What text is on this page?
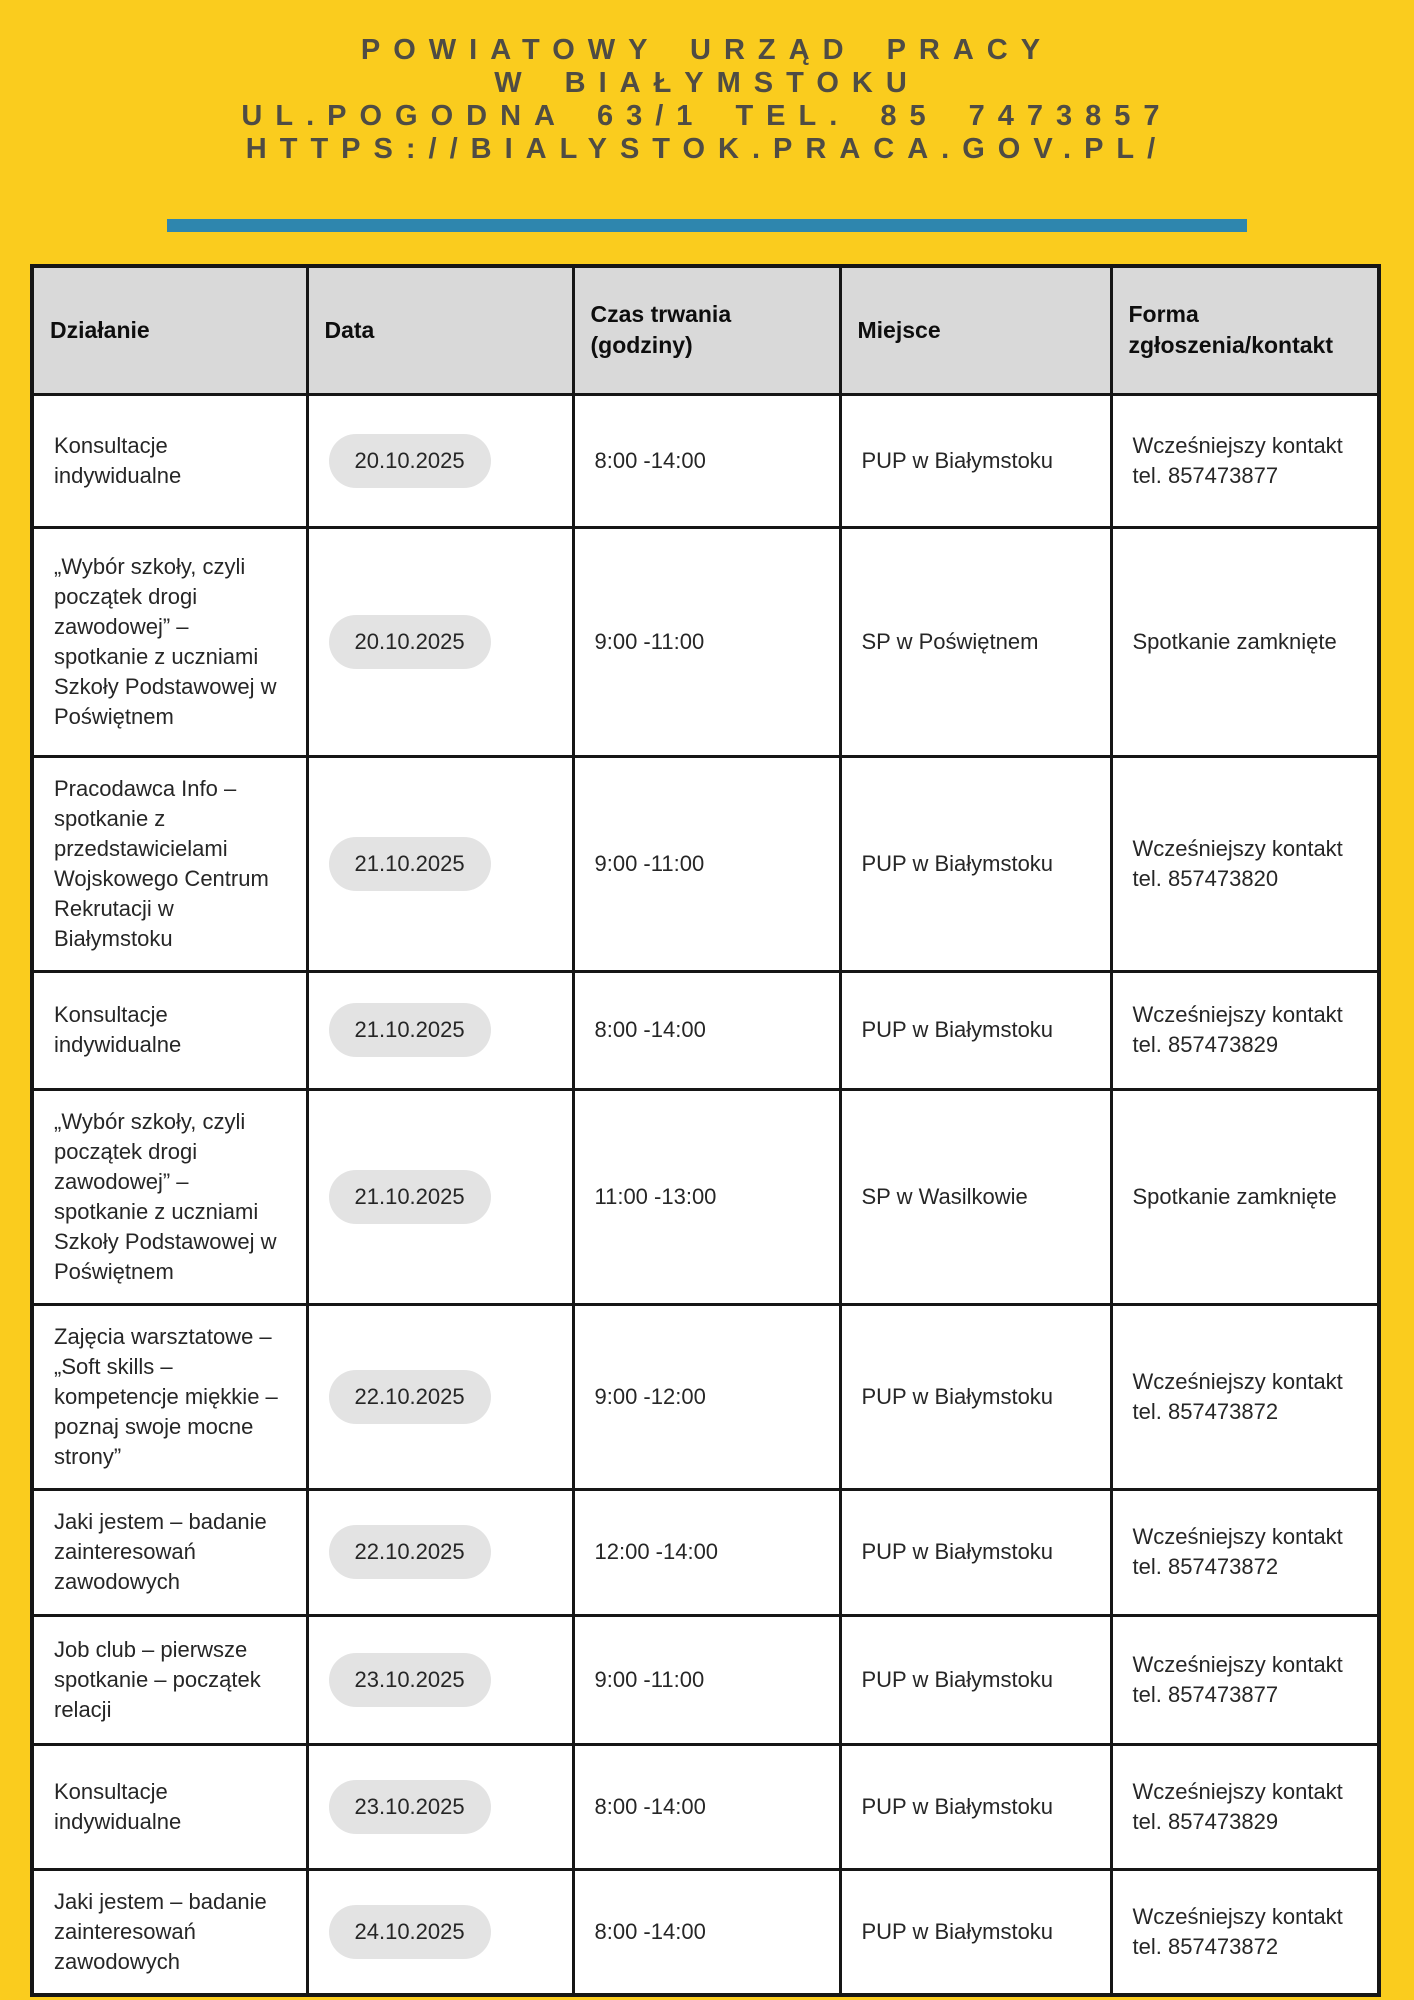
POWIATOWY URZĄD PRACY
W BIAŁYMSTOKU
UL.POGODNA 63/1 TEL. 85 7473857
HTTPS://BIALYSTOK.PRACA.GOV.PL/
Działanie	Data	Czas trwania (godziny)	Miejsce	Forma zgłoszenia/kontakt
Konsultacje indywidualne	20.10.2025	8:00 -14:00	PUP w Białymstoku	Wcześniejszy kontakt tel. 857473877
„Wybór szkoły, czyli początek drogi zawodowej” – spotkanie z uczniami Szkoły Podstawowej w Poświętnem	20.10.2025	9:00 -11:00	SP w Poświętnem	Spotkanie zamknięte
Pracodawca Info – spotkanie z przedstawicielami Wojskowego Centrum Rekrutacji w Białymstoku	21.10.2025	9:00 -11:00	PUP w Białymstoku	Wcześniejszy kontakt tel. 857473820
Konsultacje indywidualne	21.10.2025	8:00 -14:00	PUP w Białymstoku	Wcześniejszy kontakt tel. 857473829
„Wybór szkoły, czyli początek drogi zawodowej” – spotkanie z uczniami Szkoły Podstawowej w Poświętnem	21.10.2025	11:00 -13:00	SP w Wasilkowie	Spotkanie zamknięte
Zajęcia warsztatowe – „Soft skills – kompetencje miękkie – poznaj swoje mocne strony”	22.10.2025	9:00 -12:00	PUP w Białymstoku	Wcześniejszy kontakt tel. 857473872
Jaki jestem – badanie zainteresowań zawodowych	22.10.2025	12:00 -14:00	PUP w Białymstoku	Wcześniejszy kontakt tel. 857473872
Job club – pierwsze spotkanie – początek relacji	23.10.2025	9:00 -11:00	PUP w Białymstoku	Wcześniejszy kontakt tel. 857473877
Konsultacje indywidualne	23.10.2025	8:00 -14:00	PUP w Białymstoku	Wcześniejszy kontakt tel. 857473829
Jaki jestem – badanie zainteresowań zawodowych	24.10.2025	8:00 -14:00	PUP w Białymstoku	Wcześniejszy kontakt tel. 857473872
